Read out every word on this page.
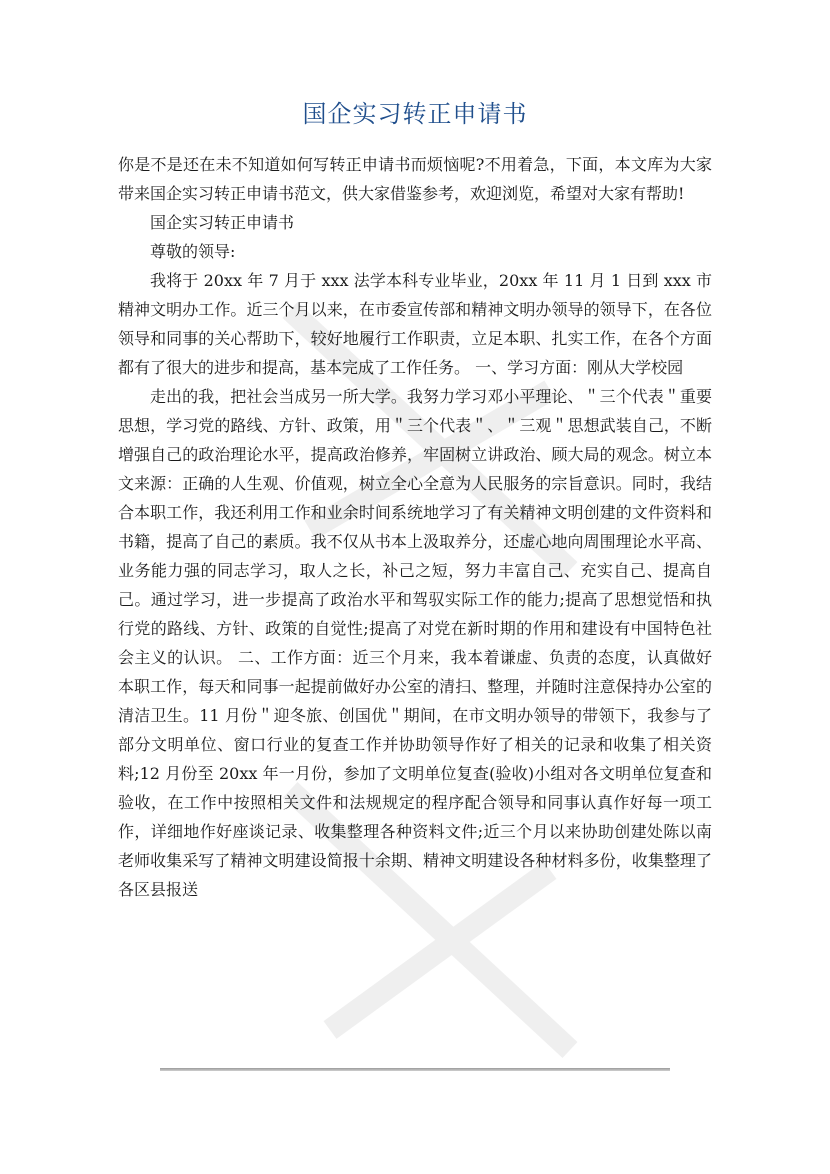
国企实习转正申请书

你是不是还在未不知道如何写转正申请书而烦恼呢?不用着急，下面，本文库为大家带来国企实习转正申请书范文，供大家借鉴参考，欢迎浏览，希望对大家有帮助!

国企实习转正申请书

尊敬的领导:

我将于 20xx 年 7 月于 xxx 法学本科专业毕业，20xx 年 11 月 1 日到 xxx 市精神文明办工作。近三个月以来，在市委宣传部和精神文明办领导的领导下，在各位领导和同事的关心帮助下，较好地履行工作职责，立足本职、扎实工作，在各个方面都有了很大的进步和提高，基本完成了工作任务。 一、学习方面：刚从大学校园

走出的我，把社会当成另一所大学。我努力学习邓小平理论、＂三个代表＂重要思想，学习党的路线、方针、政策，用＂三个代表＂、＂三观＂思想武装自己，不断增强自己的政治理论水平，提高政治修养，牢固树立讲政治、顾大局的观念。树立本文来源：正确的人生观、价值观，树立全心全意为人民服务的宗旨意识。同时，我结合本职工作，我还利用工作和业余时间系统地学习了有关精神文明创建的文件资料和书籍，提高了自己的素质。我不仅从书本上汲取养分，还虚心地向周围理论水平高、业务能力强的同志学习，取人之长，补己之短，努力丰富自己、充实自己、提高自己。通过学习，进一步提高了政治水平和驾驭实际工作的能力;提高了思想觉悟和执行党的路线、方针、政策的自觉性;提高了对党在新时期的作用和建设有中国特色社会主义的认识。 二、工作方面：近三个月来，我本着谦虚、负责的态度，认真做好本职工作，每天和同事一起提前做好办公室的清扫、整理，并随时注意保持办公室的清洁卫生。11 月份＂迎冬旅、创国优＂期间，在市文明办领导的带领下，我参与了部分文明单位、窗口行业的复查工作并协助领导作好了相关的记录和收集了相关资料;12 月份至 20xx 年一月份，参加了文明单位复查(验收)小组对各文明单位复查和验收，在工作中按照相关文件和法规规定的程序配合领导和同事认真作好每一项工作，详细地作好座谈记录、收集整理各种资料文件;近三个月以来协助创建处陈以南老师收集采写了精神文明建设简报十余期、精神文明建设各种材料多份，收集整理了各区县报送
